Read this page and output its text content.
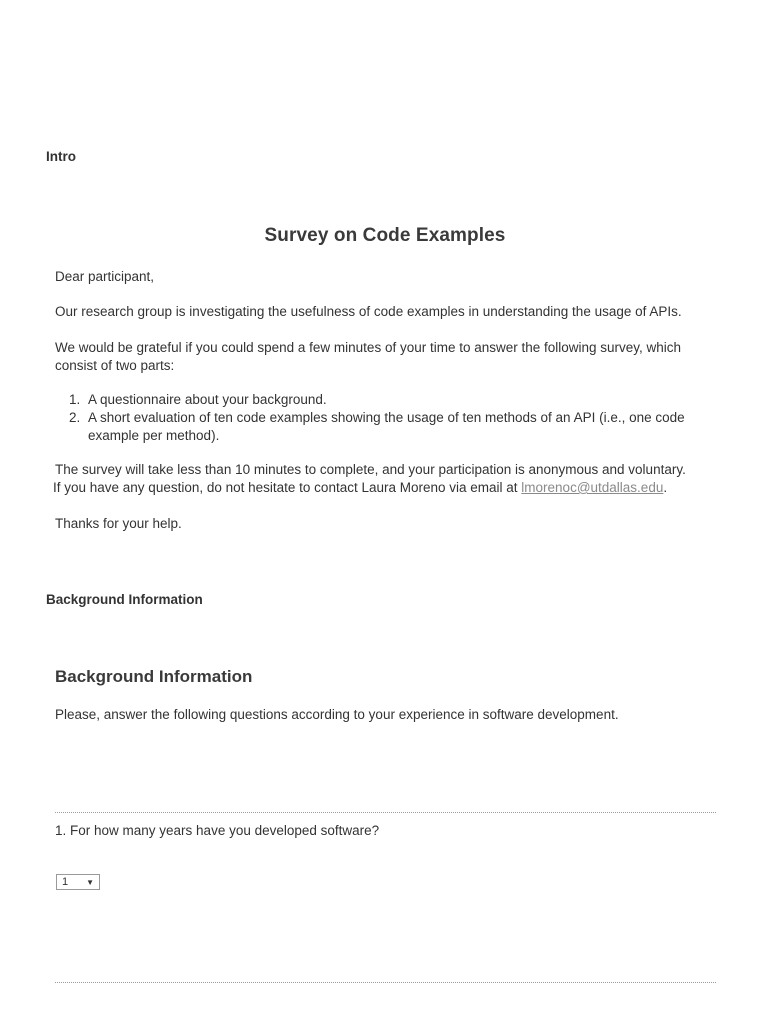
Intro
Survey on Code Examples
Dear participant,
Our research group is investigating the usefulness of code examples in understanding the usage of APIs.
We would be grateful if you could spend a few minutes of your time to answer the following survey, which consist of two parts:
1. A questionnaire about your background.
2. A short evaluation of ten code examples showing the usage of ten methods of an API (i.e., one code example per method).
The survey will take less than 10 minutes to complete, and your participation is anonymous and voluntary.
If you have any question, do not hesitate to contact Laura Moreno via email at lmorenoc@utdallas.edu.
Thanks for your help.
Background Information
Background Information
Please, answer the following questions according to your experience in software development.
1. For how many years have you developed software?
1 ▼
